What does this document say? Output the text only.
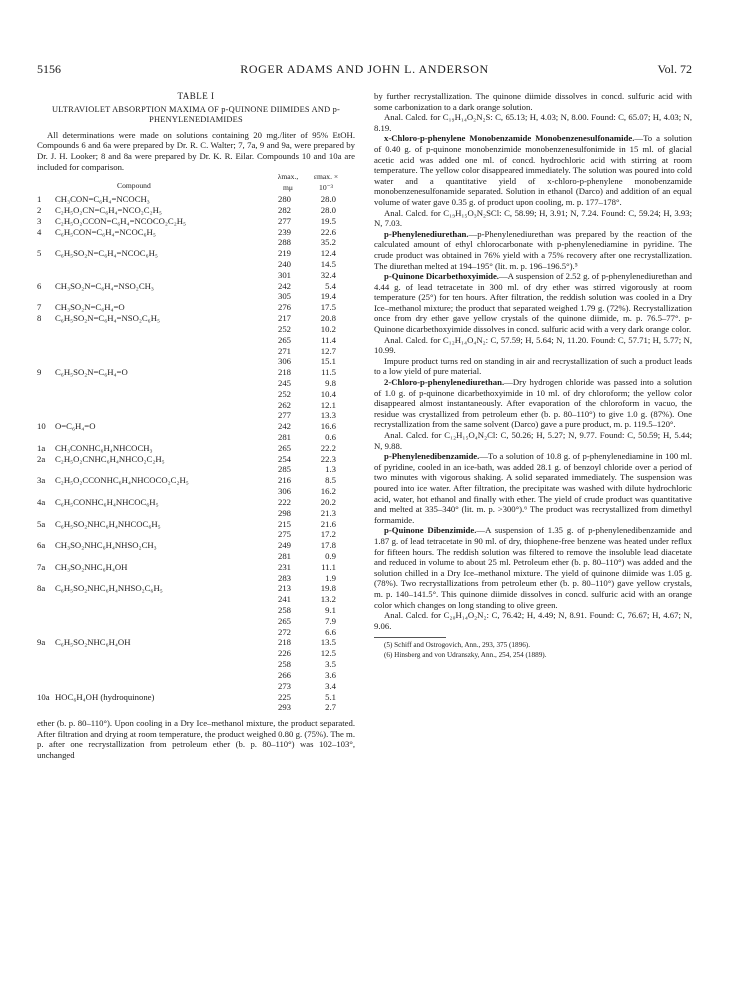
5156	ROGER ADAMS AND JOHN L. ANDERSON	Vol. 72
TABLE I
ULTRAVIOLET ABSORPTION MAXIMA OF p-QUINONE DIIMIDES AND p-PHENYLENEDIAMIDES

All determinations were made on solutions containing 20 mg./liter of 95% EtOH. Compounds 6 and 6a were prepared by Dr. R. C. Walter; 7, 7a, 9 and 9a, were prepared by Dr. J. H. Looker; 8 and 8a were prepared by Dr. K. R. Eilar. Compounds 10 and 10a are included for comparison.

Compound
λmax., mμ
εmax. × 10⁻³
1	CH₃CON=C₆H₄=NCOCH₃	280	28.0
2	C₂H₅O₂CN=C₆H₄=NCO₂C₂H₅	282	28.0
3	C₂H₅O₂CCON=C₆H₄=NCOCO₂C₂H₅	277	19.5
4	C₆H₅CON=C₆H₄=NCOC₆H₅	239	22.6
288	35.2
5	C₆H₅SO₂N=C₆H₄=NCOC₆H₅	219	12.4
240	14.5
301	32.4
6	CH₃SO₂N=C₆H₄=NSO₂CH₃	242	5.4
305	19.4
7	CH₃SO₂N=C₆H₄=O	276	17.5
8	C₆H₅SO₂N=C₆H₄=NSO₂C₆H₅	217	20.8
252	10.2
265	11.4
271	12.7
306	15.1
9	C₆H₅SO₂N=C₆H₄=O	218	11.5
245	9.8
252	10.4
262	12.1
277	13.3
10	O=C₆H₄=O	242	16.6
281	0.6
1a	CH₃CONHC₆H₄NHCOCH₃	265	22.2
2a	C₂H₅O₂CNHC₆H₄NHCO₂C₂H₅	254	22.3
285	1.3
3a	C₂H₅O₂CCONHC₆H₄NHCOCO₂C₂H₅	216	8.5
306	16.2
4a	C₆H₅CONHC₆H₄NHCOC₆H₅	222	20.2
298	21.3
5a	C₆H₅SO₂NHC₆H₄NHCOC₆H₅	215	21.6
275	17.2
6a	CH₃SO₂NHC₆H₄NHSO₂CH₃	249	17.8
281	0.9
7a	CH₃SO₂NHC₆H₄OH	231	11.1
283	1.9
8a	C₆H₅SO₂NHC₆H₄NHSO₂C₆H₅	213	19.8
241	13.2
258	9.1
265	7.9
272	6.6
9a	C₆H₅SO₂NHC₆H₄OH	218	13.5
226	12.5
258	3.5
266	3.6
273	3.4
10a HOC₆H₄OH (hydroquinone)	225	5.1
293	2.7

ether (b. p. 80–110°). Upon cooling in a Dry Ice–methanol mixture, the product separated. After filtration and drying at room temperature, the product weighed 0.80 g. (75%). The m. p. after one recrystallization from petroleum ether (b. p. 80–110°) was 102–103°, unchanged

by further recrystallization. The quinone diimide dissolves in concd. sulfuric acid with some carbonization to a dark orange solution.

Anal. Calcd. for C₁₉H₁₄O₂N₂S: C, 65.13; H, 4.03; N, 8.00. Found: C, 65.07; H, 4.03; N, 8.19.

x-Chloro-p-phenylene Monobenzamide Monobenzenesulfonamide.—To a solution of 0.40 g. of p-quinone monobenzimide monobenzenesulfonimide in 15 ml. of glacial acetic acid was added one ml. of concd. hydrochloric acid with stirring at room temperature. The yellow color disappeared immediately. The solution was poured into cold water and a quantitative yield of x-chloro-p-phenylene monobenzamide monobenzenesulfonamide separated. Solution in ethanol (Darco) and addition of an equal volume of water gave 0.35 g. of product upon cooling, m. p. 177–178°.

Anal. Calcd. for C₁₉H₁₅O₃N₂SCl: C, 58.99; H, 3.91; N, 7.24. Found: C, 59.24; H, 3.93; N, 7.03.

p-Phenylenediurethan.—p-Phenylenediurethan was prepared by the reaction of the calculated amount of ethyl chlorocarbonate with p-phenylenediamine in pyridine. The crude product was obtained in 76% yield with a 75% recovery after one recrystallization. The diurethan melted at 194–195° (lit. m. p. 196–196.5°).⁵

p-Quinone Dicarbethoxyimide.—A suspension of 2.52 g. of p-phenylenediurethan and 4.44 g. of lead tetracetate in 300 ml. of dry ether was stirred vigorously at room temperature (25°) for ten hours. After filtration, the reddish solution was cooled in a Dry Ice–methanol mixture; the product that separated weighed 1.79 g. (72%). Recrystallization once from dry ether gave yellow crystals of the quinone diimide, m. p. 76.5–77°. p-Quinone dicarbethoxyimide dissolves in concd. sulfuric acid with a very dark orange color.

Anal. Calcd. for C₁₂H₁₄O₄N₂: C, 57.59; H, 5.64; N, 11.20. Found: C, 57.71; H, 5.77; N, 10.99.

Impure product turns red on standing in air and recrystallization of such a product leads to a low yield of pure material.

2-Chloro-p-phenylenediurethan.—Dry hydrogen chloride was passed into a solution of 1.0 g. of p-quinone dicarbethoxyimide in 10 ml. of dry chloroform; the yellow color disappeared almost instantaneously. After evaporation of the chloroform in vacuo, the residue was crystallized from petroleum ether (b. p. 80–110°) to give 1.0 g. (87%). One recrystallization from the same solvent (Darco) gave a pure product, m. p. 119.5–120°.

Anal. Calcd. for C₁₂H₁₅O₄N₂Cl: C, 50.26; H, 5.27; N, 9.77. Found: C, 50.59; H, 5.44; N, 9.88.

p-Phenylenedibenzamide.—To a solution of 10.8 g. of p-phenylenediamine in 100 ml. of pyridine, cooled in an ice-bath, was added 28.1 g. of benzoyl chloride over a period of two minutes with vigorous shaking. A solid separated immediately. The suspension was poured into ice water. After filtration, the precipitate was washed with dilute hydrochloric acid, water, hot ethanol and finally with ether. The yield of crude product was quantitative and melted at 335–340° (lit. m. p. >300°).⁶ The product was recrystallized from dimethyl formamide.

p-Quinone Dibenzimide.—A suspension of 1.35 g. of p-phenylenedibenzamide and 1.87 g. of lead tetracetate in 90 ml. of dry, thiophene-free benzene was heated under reflux for fifteen hours. The reddish solution was filtered to remove the insoluble lead diacetate and reduced in volume to about 25 ml. Petroleum ether (b. p. 80–110°) was added and the solution chilled in a Dry Ice–methanol mixture. The yield of quinone diimide was 1.05 g. (78%). Two recrystallizations from petroleum ether (b. p. 80–110°) gave yellow crystals, m. p. 140–141.5°. This quinone diimide dissolves in concd. sulfuric acid with an orange color which changes on long standing to olive green.

Anal. Calcd. for C₂₀H₁₄O₂N₂: C, 76.42; H, 4.49; N, 8.91. Found: C, 76.67; H, 4.67; N, 9.06.

(5) Schiff and Ostrogovich, Ann., 293, 375 (1896).

(6) Hinsberg and von Udranszky, Ann., 254, 254 (1889).
